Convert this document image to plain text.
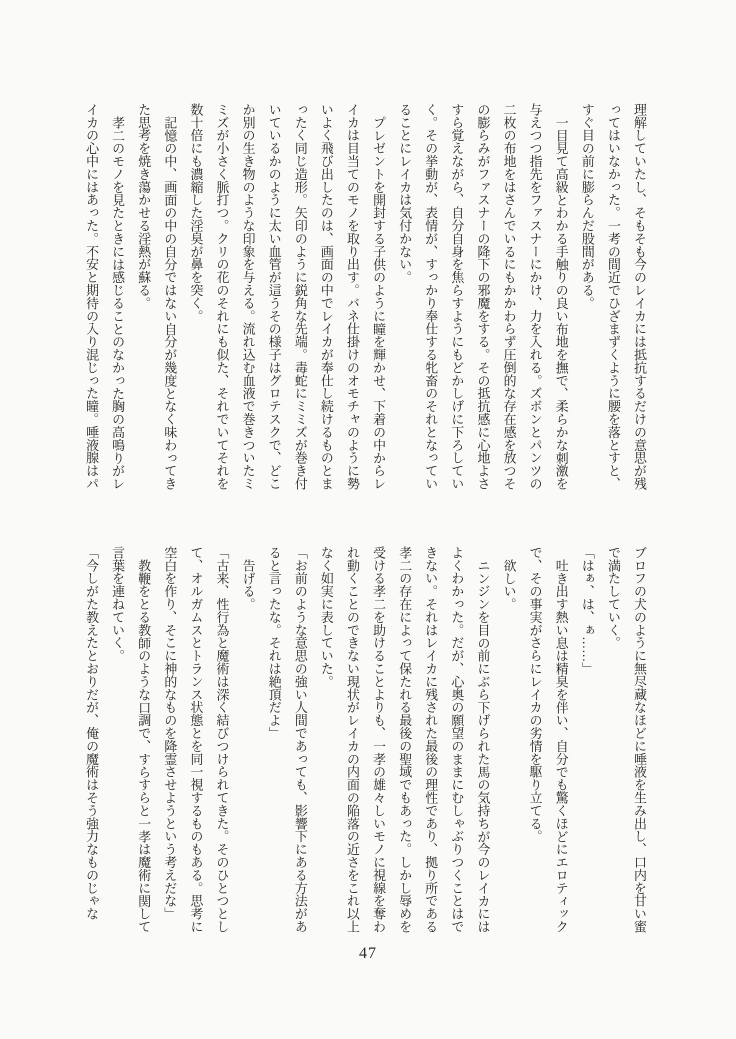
理解していたし、そもそも今のレイカには抵抗するだけの意思が残

ってはいなかった。一考の間近でひざまずくように腰を落とすと、

すぐ目の前に膨らんだ股間がある。

一目見て高級とわかる手触りの良い布地を撫で、柔らかな刺激を

与えつつ指先をファスナーにかけ、力を入れる。ズボンとパンツの

二枚の布地をはさんでいるにもかかわらず圧倒的な存在感を放つそ

の膨らみがファスナーの降下の邪魔をする。その抵抗感に心地よさ

すら覚えながら、自分自身を焦らすようにもどかしげに下ろしてい

く。その挙動が、表情が、すっかり奉仕する牝畜のそれとなってい

ることにレイカは気付かない。

プレゼントを開封する子供のように瞳を輝かせ、下着の中からレ

イカは目当てのモノを取り出す。バネ仕掛けのオモチャのように勢

いよく飛び出したのは、画面の中でレイカが奉仕し続けるものとま

ったく同じ造形。矢印のように鋭角な先端。毒蛇にミミズが巻き付

いているかのように太い血管が這うその様子はグロテスクで、どこ

か別の生き物のような印象を与える。流れ込む血液で巻きついたミ

ミズが小さく脈打つ。クリの花のそれにも似た、それでいてそれを

数十倍にも濃縮した淫臭が鼻を突く。

記憶の中、画面の中の自分ではない自分が幾度となく味わってき

た思考を焼き蕩かせる淫熱が蘇る。

孝二のモノを見たときには感じることのなかった胸の高鳴りがレ

イカの心中にはあった。不安と期待の入り混じった瞳。唾液腺はパ

ブロフの犬のように無尽蔵なほどに唾液を生み出し、口内を甘い蜜

で満たしていく。

「はぁ、は、ぁ……」

吐き出す熱い息は精臭を伴い、自分でも驚くほどにエロティック

で、その事実がさらにレイカの劣情を駆り立てる。

欲しい。

ニンジンを目の前にぶら下げられた馬の気持ちが今のレイカには

よくわかった。だが、心奥の願望のままにむしゃぶりつくことはで

きない。それはレイカに残された最後の理性であり、拠り所である

孝二の存在によって保たれる最後の聖域でもあった。しかし辱めを

受ける孝二を助けることよりも、一孝の雄々しいモノに視線を奪わ

れ動くことのできない現状がレイカの内面の陥落の近さをこれ以上

なく如実に表していた。

「お前のような意思の強い人間であっても、影響下にある方法があ

ると言ったな。それは絶頂だよ」

告げる。

「古来、性行為と魔術は深く結びつけられてきた。そのひとつとし

て、オルガムスとトランス状態とを同一視するものもある。思考に

空白を作り、そこに神的なものを降霊させようという考えだな」

教鞭をとる教師のような口調で、すらすらと一孝は魔術に関して

言葉を連ねていく。

「今しがた教えたとおりだが、俺の魔術はそう強力なものじゃな

47
